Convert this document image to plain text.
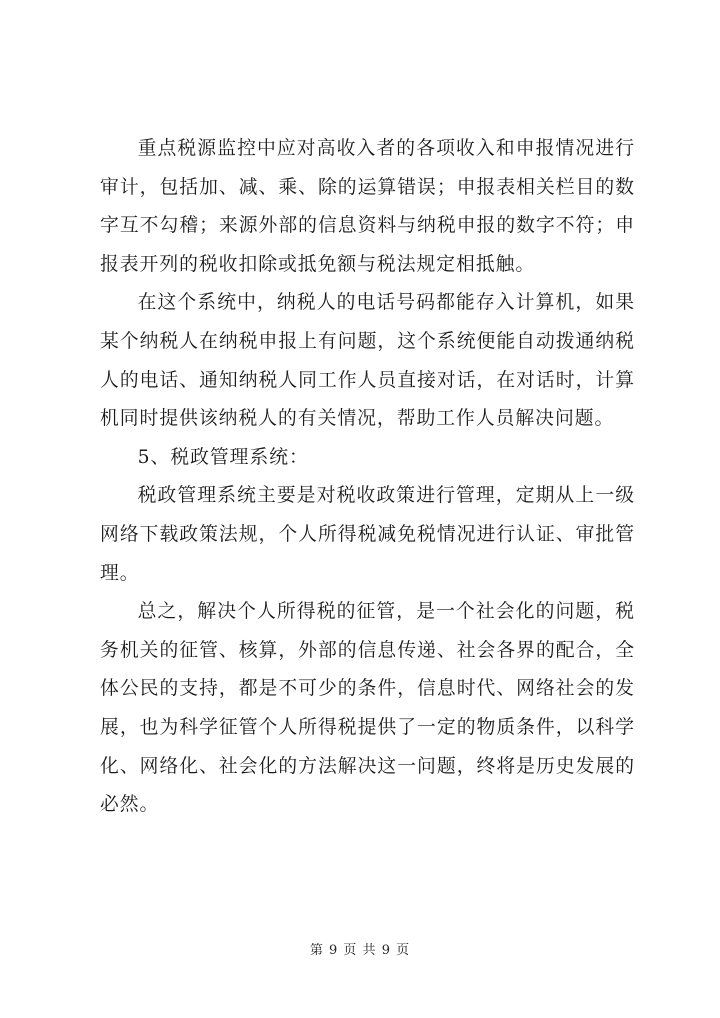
重点税源监控中应对高收入者的各项收入和申报情况进行审计，包括加、减、乘、除的运算错误；申报表相关栏目的数字互不勾稽；来源外部的信息资料与纳税申报的数字不符；申报表开列的税收扣除或抵免额与税法规定相抵触。

在这个系统中，纳税人的电话号码都能存入计算机，如果某个纳税人在纳税申报上有问题，这个系统便能自动拨通纳税人的电话、通知纳税人同工作人员直接对话，在对话时，计算机同时提供该纳税人的有关情况，帮助工作人员解决问题。

5、税政管理系统：

税政管理系统主要是对税收政策进行管理，定期从上一级网络下载政策法规，个人所得税减免税情况进行认证、审批管理。

总之，解决个人所得税的征管，是一个社会化的问题，税务机关的征管、核算，外部的信息传递、社会各界的配合，全体公民的支持，都是不可少的条件，信息时代、网络社会的发展，也为科学征管个人所得税提供了一定的物质条件，以科学化、网络化、社会化的方法解决这一问题，终将是历史发展的必然。

第 9 页 共 9 页
